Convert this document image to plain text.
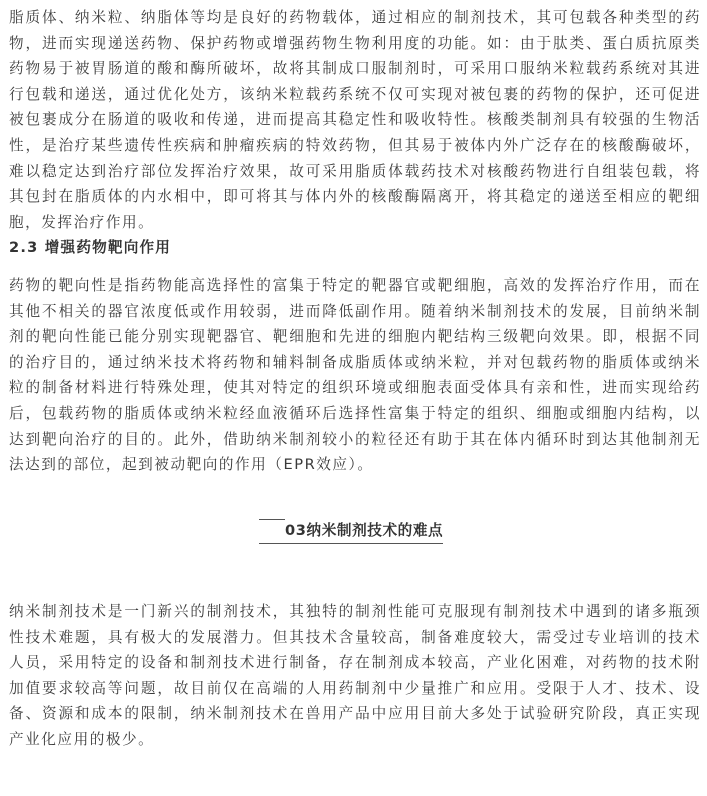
脂质体、纳米粒、纳脂体等均是良好的药物载体，通过相应的制剂技术，其可包载各种类型的药物，进而实现递送药物、保护药物或增强药物生物利用度的功能。如：由于肽类、蛋白质抗原类药物易于被胃肠道的酸和酶所破坏，故将其制成口服制剂时，可采用口服纳米粒载药系统对其进行包载和递送，通过优化处方，该纳米粒载药系统不仅可实现对被包裹的药物的保护，还可促进被包裹成分在肠道的吸收和传递，进而提高其稳定性和吸收特性。核酸类制剂具有较强的生物活性，是治疗某些遗传性疾病和肿瘤疾病的特效药物，但其易于被体内外广泛存在的核酸酶破坏，难以稳定达到治疗部位发挥治疗效果，故可采用脂质体载药技术对核酸药物进行自组装包载，将其包封在脂质体的内水相中，即可将其与体内外的核酸酶隔离开，将其稳定的递送至相应的靶细胞，发挥治疗作用。

2.3 增强药物靶向作用

药物的靶向性是指药物能高选择性的富集于特定的靶器官或靶细胞，高效的发挥治疗作用，而在其他不相关的器官浓度低或作用较弱，进而降低副作用。随着纳米制剂技术的发展，目前纳米制剂的靶向性能已能分别实现靶器官、靶细胞和先进的细胞内靶结构三级靶向效果。即，根据不同的治疗目的，通过纳米技术将药物和辅料制备成脂质体或纳米粒，并对包载药物的脂质体或纳米粒的制备材料进行特殊处理，使其对特定的组织环境或细胞表面受体具有亲和性，进而实现给药后，包载药物的脂质体或纳米粒经血液循环后选择性富集于特定的组织、细胞或细胞内结构，以达到靶向治疗的目的。此外，借助纳米制剂较小的粒径还有助于其在体内循环时到达其他制剂无法达到的部位，起到被动靶向的作用（EPR效应）。

03纳米制剂技术的难点

纳米制剂技术是一门新兴的制剂技术，其独特的制剂性能可克服现有制剂技术中遇到的诸多瓶颈性技术难题，具有极大的发展潜力。但其技术含量较高，制备难度较大，需受过专业培训的技术人员，采用特定的设备和制剂技术进行制备，存在制剂成本较高，产业化困难，对药物的技术附加值要求较高等问题，故目前仅在高端的人用药制剂中少量推广和应用。受限于人才、技术、设备、资源和成本的限制，纳米制剂技术在兽用产品中应用目前大多处于试验研究阶段，真正实现产业化应用的极少。
